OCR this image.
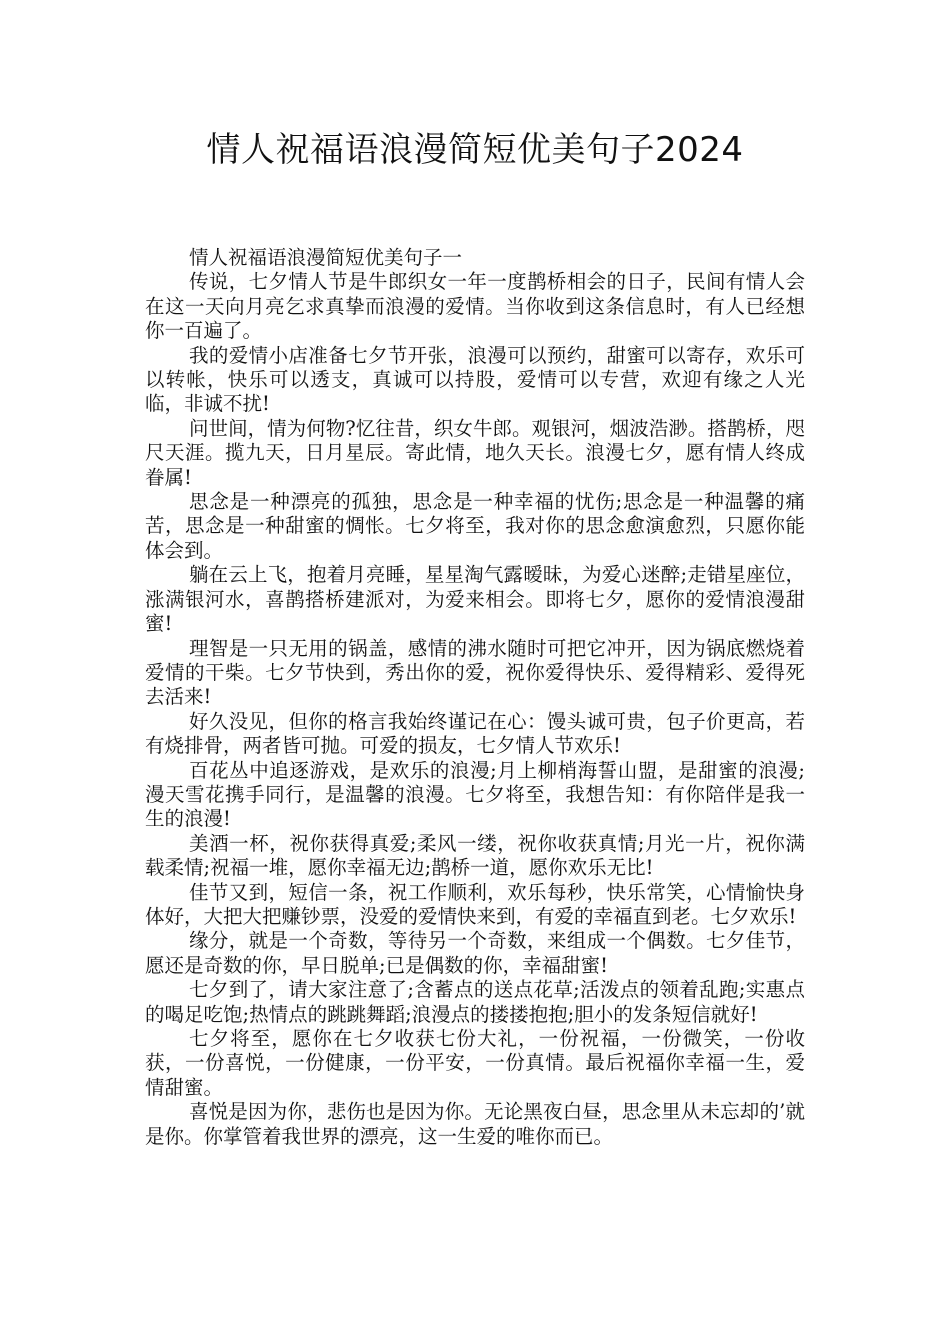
情人祝福语浪漫简短优美句子2024

情人祝福语浪漫简短优美句子一

传说，七夕情人节是牛郎织女一年一度鹊桥相会的日子，民间有情人会在这一天向月亮乞求真挚而浪漫的爱情。当你收到这条信息时，有人已经想你一百遍了。

我的爱情小店准备七夕节开张，浪漫可以预约，甜蜜可以寄存，欢乐可以转帐，快乐可以透支，真诚可以持股，爱情可以专营，欢迎有缘之人光临，非诚不扰!

问世间，情为何物?忆往昔，织女牛郎。观银河，烟波浩渺。搭鹊桥，咫尺天涯。揽九天，日月星辰。寄此情，地久天长。浪漫七夕，愿有情人终成眷属!

思念是一种漂亮的孤独，思念是一种幸福的忧伤;思念是一种温馨的痛苦，思念是一种甜蜜的惆怅。七夕将至，我对你的思念愈演愈烈，只愿你能体会到。

躺在云上飞，抱着月亮睡，星星淘气露暧昧，为爱心迷醉;走错星座位，涨满银河水，喜鹊搭桥建派对，为爱来相会。即将七夕，愿你的爱情浪漫甜蜜!

理智是一只无用的锅盖，感情的沸水随时可把它冲开，因为锅底燃烧着爱情的干柴。七夕节快到，秀出你的爱，祝你爱得快乐、爱得精彩、爱得死去活来!

好久没见，但你的格言我始终谨记在心：馒头诚可贵，包子价更高，若有烧排骨，两者皆可抛。可爱的损友，七夕情人节欢乐!

百花丛中追逐游戏，是欢乐的浪漫;月上柳梢海誓山盟，是甜蜜的浪漫;漫天雪花携手同行，是温馨的浪漫。七夕将至，我想告知：有你陪伴是我一生的浪漫!

美酒一杯，祝你获得真爱;柔风一缕，祝你收获真情;月光一片，祝你满载柔情;祝福一堆，愿你幸福无边;鹊桥一道，愿你欢乐无比!

佳节又到，短信一条，祝工作顺利，欢乐每秒，快乐常笑，心情愉快身体好，大把大把赚钞票，没爱的爱情快来到，有爱的幸福直到老。七夕欢乐!

缘分，就是一个奇数，等待另一个奇数，来组成一个偶数。七夕佳节，愿还是奇数的你，早日脱单;已是偶数的你，幸福甜蜜!

七夕到了，请大家注意了;含蓄点的送点花草;活泼点的领着乱跑;实惠点的喝足吃饱;热情点的跳跳舞蹈;浪漫点的搂搂抱抱;胆小的发条短信就好!

七夕将至，愿你在七夕收获七份大礼，一份祝福，一份微笑，一份收获，一份喜悦，一份健康，一份平安，一份真情。最后祝福你幸福一生，爱情甜蜜。

喜悦是因为你，悲伤也是因为你。无论黑夜白昼，思念里从未忘却的’就是你。你掌管着我世界的漂亮，这一生爱的唯你而已。
